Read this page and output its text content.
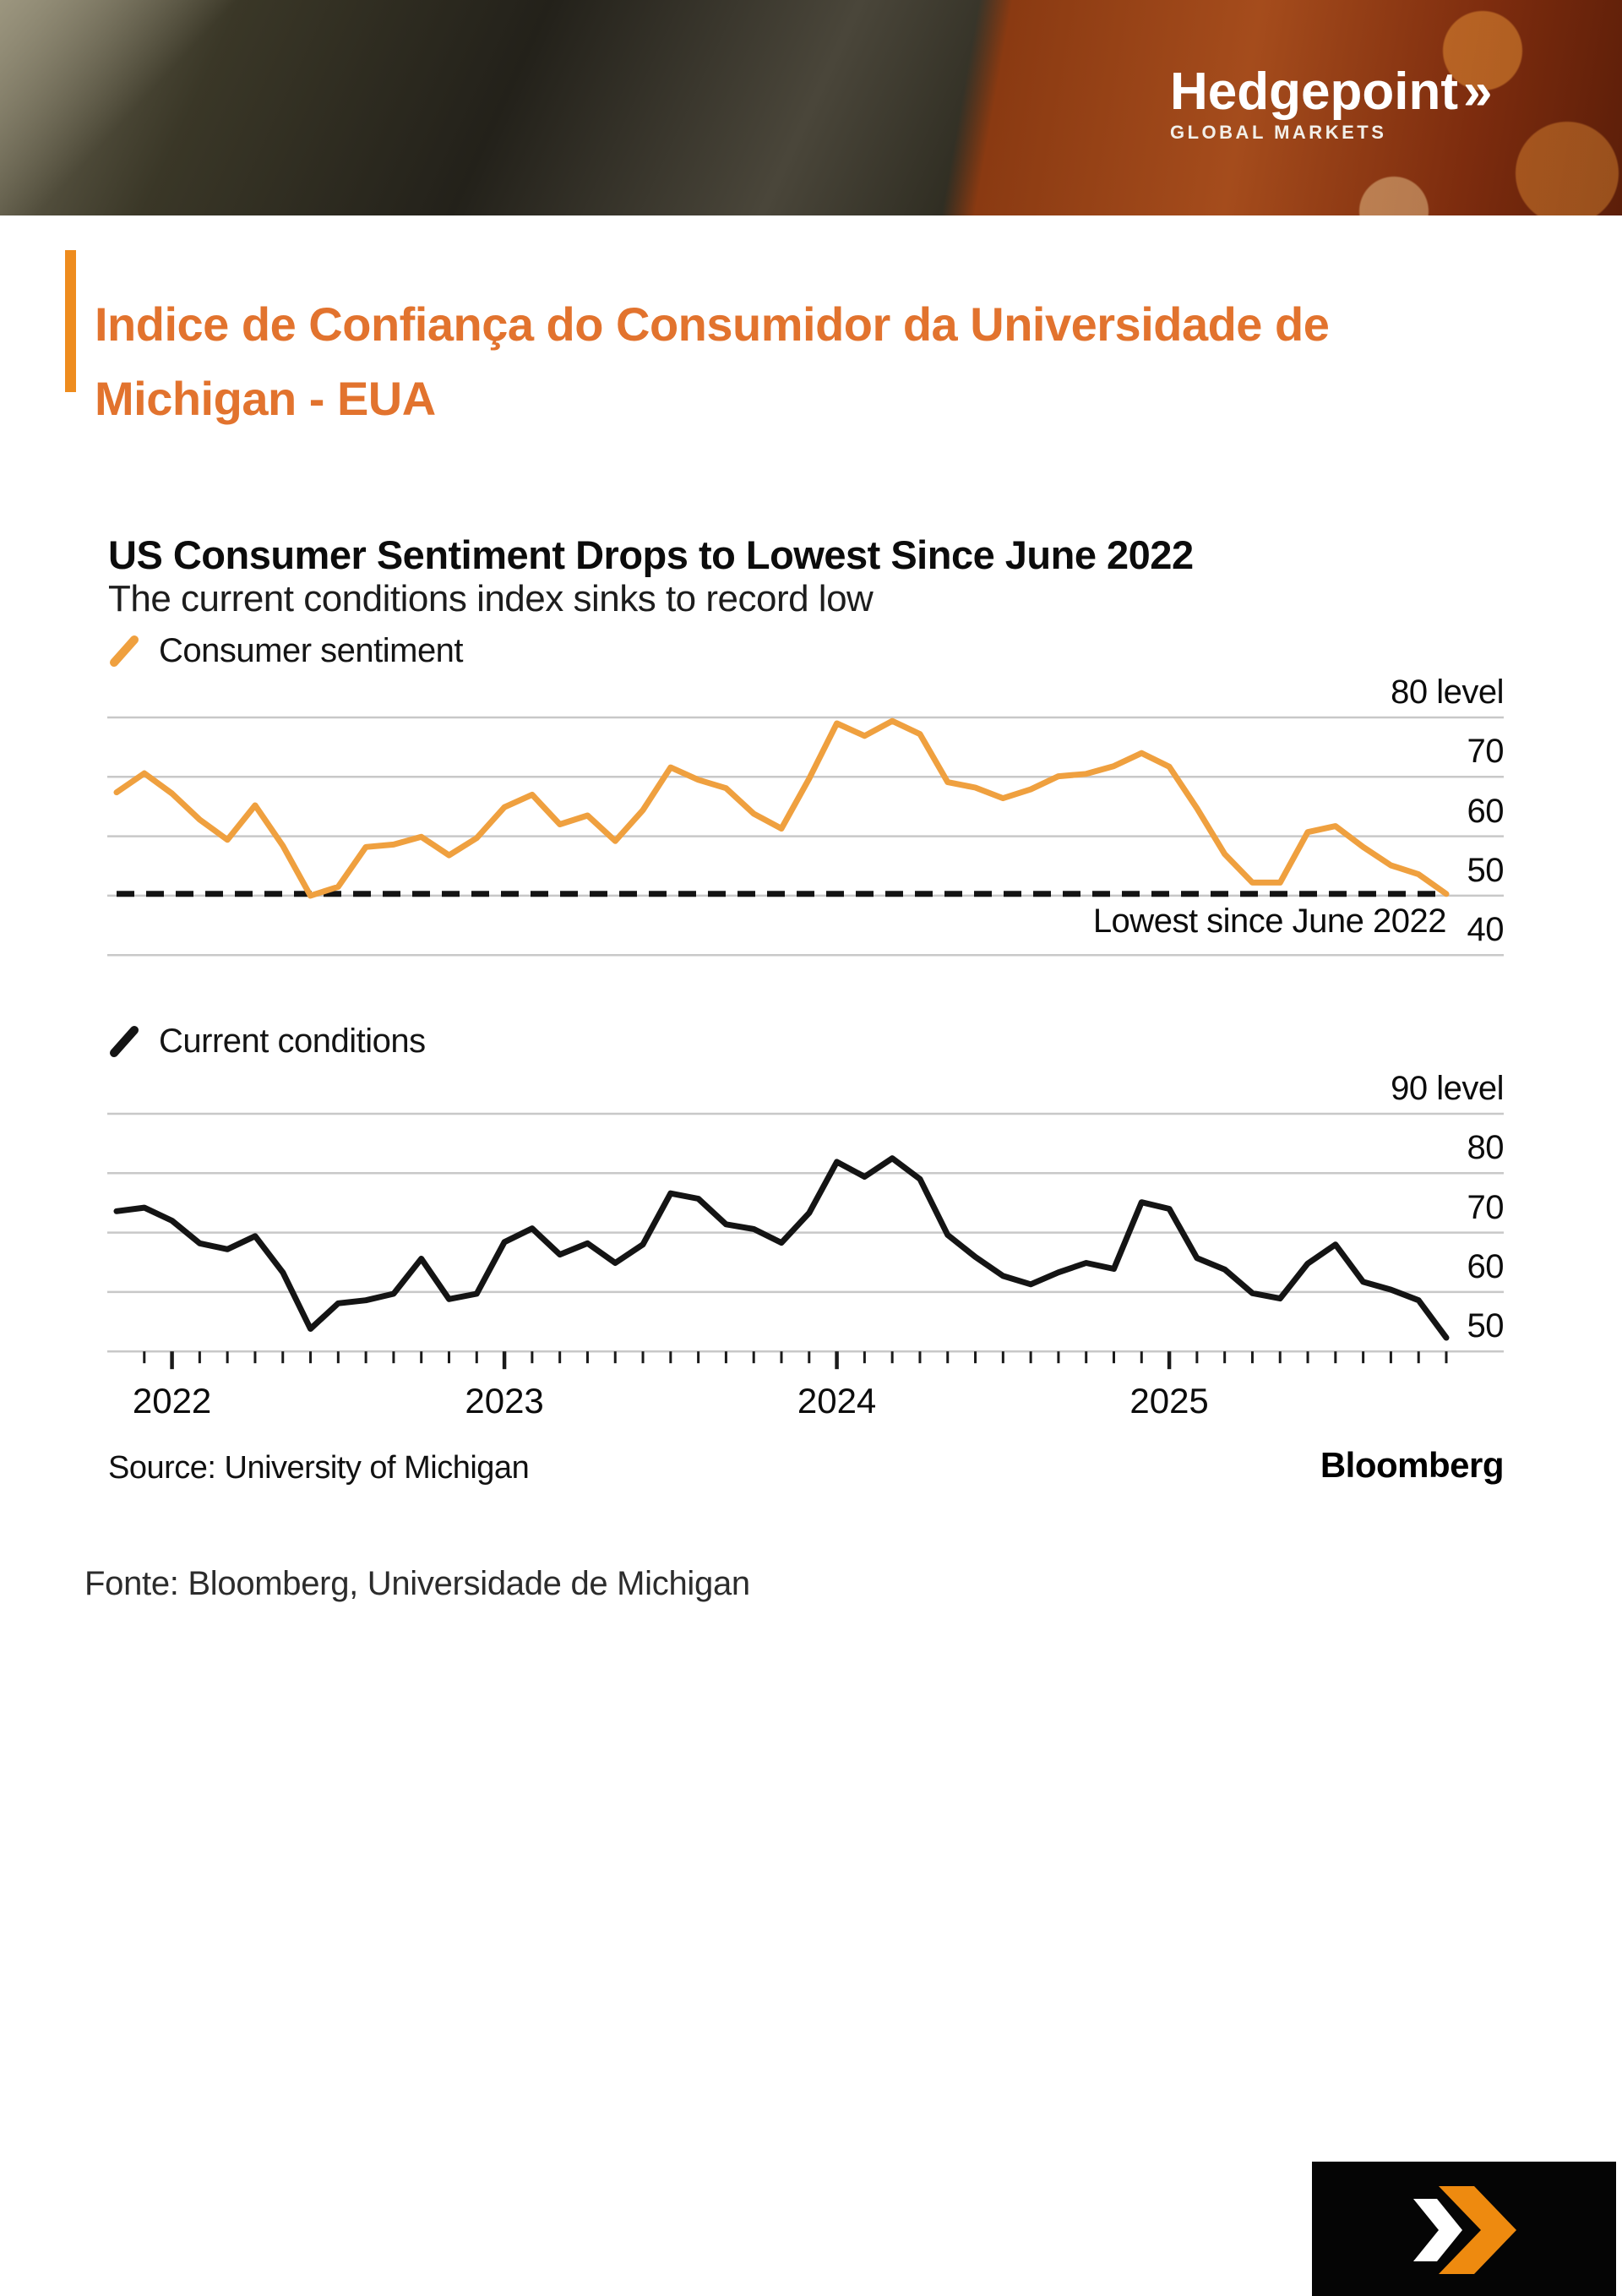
Hedgepoint»
GLOBAL MARKETS
Indice de Confiança do Consumidor da Universidade de
Michigan - EUA
US Consumer Sentiment Drops to Lowest Since June 2022
The current conditions index sinks to record low
Consumer sentiment
Current conditions
80 level
70
60
50
40
90 level
80
70
60
50
2022	2023	2024	2025
Lowest since June 2022
Source: University of Michigan	Bloomberg
Fonte: Bloomberg, Universidade de Michigan
